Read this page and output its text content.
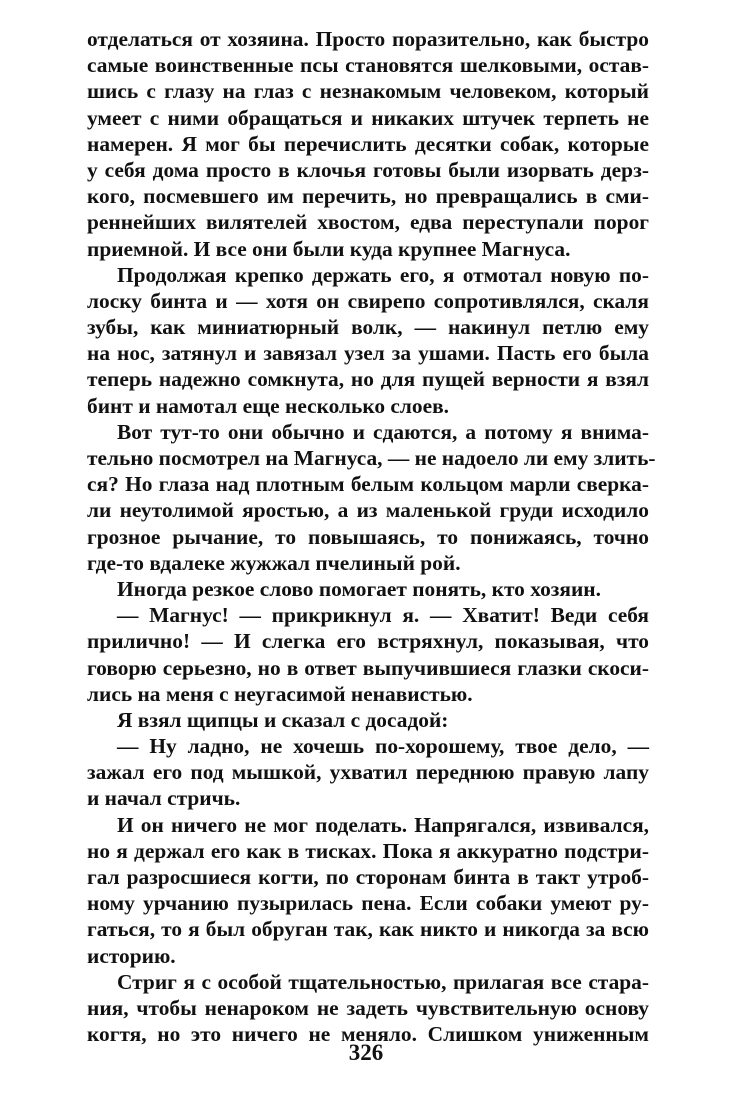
отделаться от хозяина. Просто поразительно, как быстро
самые воинственные псы становятся шелковыми, остав-
шись с глазу на глаз с незнакомым человеком, который
умеет с ними обращаться и никаких штучек терпеть не
намерен. Я мог бы перечислить десятки собак, которые
у себя дома просто в клочья готовы были изорвать дерз-
кого, посмевшего им перечить, но превращались в сми-
реннейших вилятелей хвостом, едва переступали порог
приемной. И все они были куда крупнее Магнуса.
Продолжая крепко держать его, я отмотал новую по-
лоску бинта и — хотя он свирепо сопротивлялся, скаля
зубы, как миниатюрный волк, — накинул петлю ему
на нос, затянул и завязал узел за ушами. Пасть его была
теперь надежно сомкнута, но для пущей верности я взял
бинт и намотал еще несколько слоев.
Вот тут-то они обычно и сдаются, а потому я внима-
тельно посмотрел на Магнуса, — не надоело ли ему злить-
ся? Но глаза над плотным белым кольцом марли сверка-
ли неутолимой яростью, а из маленькой груди исходило
грозное рычание, то повышаясь, то понижаясь, точно
где-то вдалеке жужжал пчелиный рой.
Иногда резкое слово помогает понять, кто хозяин.
— Магнус! — прикрикнул я. — Хватит! Веди себя
прилично! — И слегка его встряхнул, показывая, что
говорю серьезно, но в ответ выпучившиеся глазки скоси-
лись на меня с неугасимой ненавистью.
Я взял щипцы и сказал с досадой:
— Ну ладно, не хочешь по-хорошему, твое дело, —
зажал его под мышкой, ухватил переднюю правую лапу
и начал стричь.
И он ничего не мог поделать. Напрягался, извивался,
но я держал его как в тисках. Пока я аккуратно подстри-
гал разросшиеся когти, по сторонам бинта в такт утроб-
ному урчанию пузырилась пена. Если собаки умеют ру-
гаться, то я был обруган так, как никто и никогда за всю
историю.
Стриг я с особой тщательностью, прилагая все стара-
ния, чтобы ненароком не задеть чувствительную основу
когтя, но это ничего не меняло. Слишком униженным
326
